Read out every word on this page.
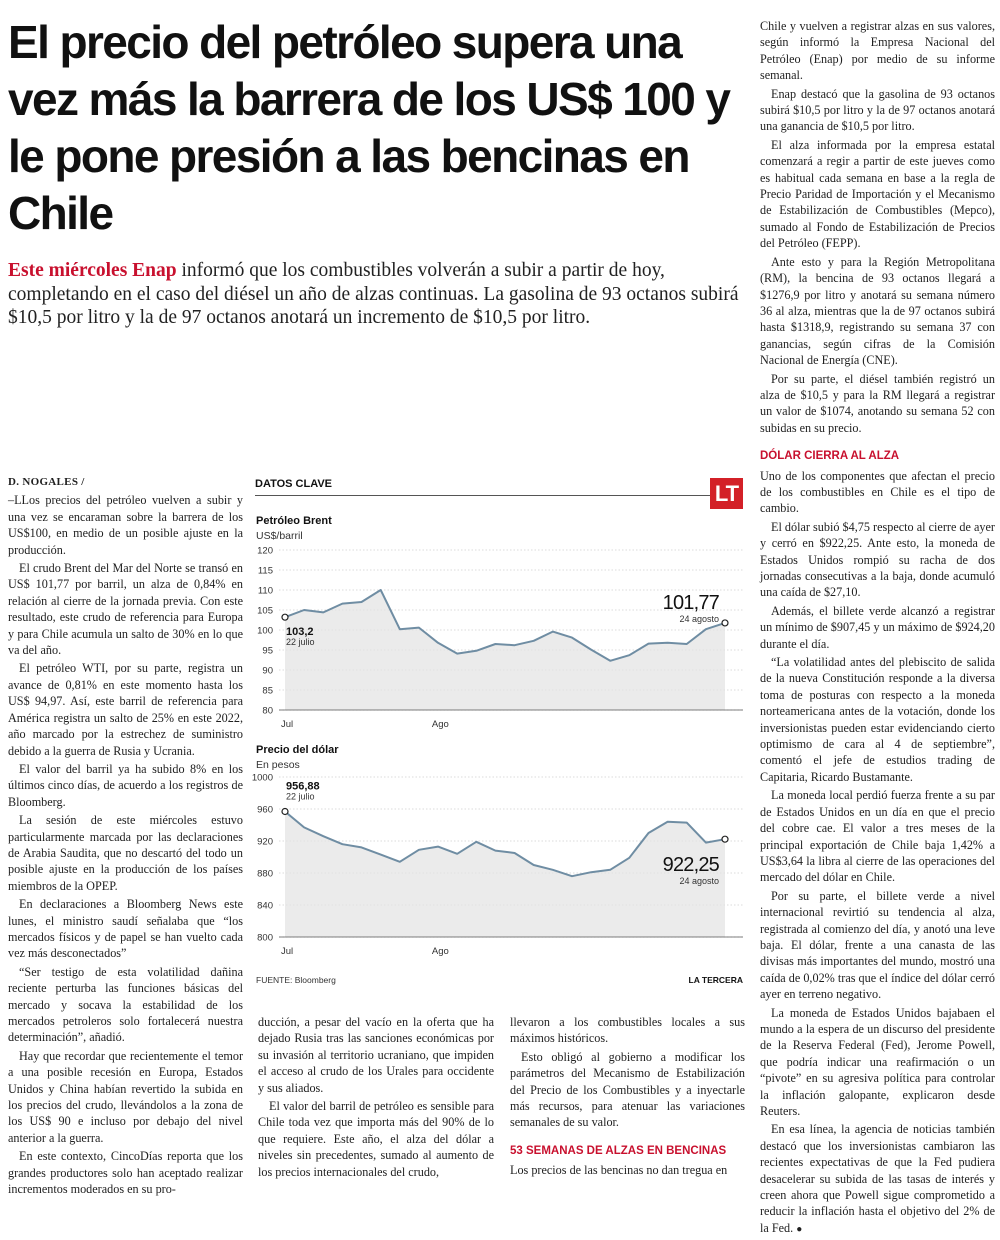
El precio del petróleo supera una vez más la barrera de los US$ 100 y le pone presión a las bencinas en Chile

Este miércoles Enap informó que los combustibles volverán a subir a partir de hoy, completando en el caso del diésel un año de alzas continuas. La gasolina de 93 octanos subirá $10,5 por litro y la de 97 octanos anotará un incremento de $10,5 por litro.

D. NOGALES /

–LLos precios del petróleo vuelven a subir y una vez se encaraman sobre la barrera de los US$100, en medio de un posible ajuste en la producción.

El crudo Brent del Mar del Norte se transó en US$ 101,77 por barril, un alza de 0,84% en relación al cierre de la jornada previa. Con este resultado, este crudo de referencia para Europa y para Chile acumula un salto de 30% en lo que va del año.

El petróleo WTI, por su parte, registra un avance de 0,81% en este momento hasta los US$ 94,97. Así, este barril de referencia para América registra un salto de 25% en este 2022, año marcado por la estrechez de suministro debido a la guerra de Rusia y Ucrania.

El valor del barril ya ha subido 8% en los últimos cinco días, de acuerdo a los registros de Bloomberg.

La sesión de este miércoles estuvo particularmente marcada por las declaraciones de Arabia Saudita, que no descartó del todo un posible ajuste en la producción de los países miembros de la OPEP.

En declaraciones a Bloomberg News este lunes, el ministro saudí señalaba que “los mercados físicos y de papel se han vuelto cada vez más desconectados”

“Ser testigo de esta volatilidad dañina reciente perturba las funciones básicas del mercado y socava la estabilidad de los mercados petroleros solo fortalecerá nuestra determinación”, añadió.

Hay que recordar que recientemente el temor a una posible recesión en Europa, Estados Unidos y China habían revertido la subida en los precios del crudo, llevándolos a la zona de los US$ 90 e incluso por debajo del nivel anterior a la guerra.

En este contexto, CincoDías reporta que los grandes productores solo han aceptado realizar incrementos moderados en su pro-

DATOS CLAVE	LT
Petróleo Brent
US$/barril
80
85
90
95
100
105
110
115
120
103,2
22 julio
101,77
24 agosto
Jul	Ago
Precio del dólar
En pesos
800
840
880
920
960
1000
956,88
22 julio
922,25
24 agosto
Jul	Ago
FUENTE: Bloomberg	LA TERCERA

ducción, a pesar del vacío en la oferta que ha dejado Rusia tras las sanciones económicas por su invasión al territorio ucraniano, que impiden el acceso al crudo de los Urales para occidente y sus aliados.

El valor del barril de petróleo es sensible para Chile toda vez que importa más del 90% de lo que requiere. Este año, el alza del dólar a niveles sin precedentes, sumado al aumento de los precios internacionales del crudo,

llevaron a los combustibles locales a sus máximos históricos.

Esto obligó al gobierno a modificar los parámetros del Mecanismo de Estabilización del Precio de los Combustibles y a inyectarle más recursos, para atenuar las variaciones semanales de su valor.

53 SEMANAS DE ALZAS EN BENCINAS

Los precios de las bencinas no dan tregua en

Chile y vuelven a registrar alzas en sus valores, según informó la Empresa Nacional del Petróleo (Enap) por medio de su informe semanal.

Enap destacó que la gasolina de 93 octanos subirá $10,5 por litro y la de 97 octanos anotará una ganancia de $10,5 por litro.

El alza informada por la empresa estatal comenzará a regir a partir de este jueves como es habitual cada semana en base a la regla de Precio Paridad de Importación y el Mecanismo de Estabilización de Combustibles (Mepco), sumado al Fondo de Estabilización de Precios del Petróleo (FEPP).

Ante esto y para la Región Metropolitana (RM), la bencina de 93 octanos llegará a $1276,9 por litro y anotará su semana número 36 al alza, mientras que la de 97 octanos subirá hasta $1318,9, registrando su semana 37 con ganancias, según cifras de la Comisión Nacional de Energía (CNE).

Por su parte, el diésel también registró un alza de $10,5 y para la RM llegará a registrar un valor de $1074, anotando su semana 52 con subidas en su precio.

DÓLAR CIERRA AL ALZA

Uno de los componentes que afectan el precio de los combustibles en Chile es el tipo de cambio.

El dólar subió $4,75 respecto al cierre de ayer y cerró en $922,25. Ante esto, la moneda de Estados Unidos rompió su racha de dos jornadas consecutivas a la baja, donde acumuló una caída de $27,10.

Además, el billete verde alcanzó a registrar un mínimo de $907,45 y un máximo de $924,20 durante el día.

“La volatilidad antes del plebiscito de salida de la nueva Constitución responde a la diversa toma de posturas con respecto a la moneda norteamericana antes de la votación, donde los inversionistas pueden estar evidenciando cierto optimismo de cara al 4 de septiembre”, comentó el jefe de estudios trading de Capitaria, Ricardo Bustamante.

La moneda local perdió fuerza frente a su par de Estados Unidos en un día en que el precio del cobre cae. El valor a tres meses de la principal exportación de Chile baja 1,42% a US$3,64 la libra al cierre de las operaciones del mercado del dólar en Chile.

Por su parte, el billete verde a nivel internacional revirtió su tendencia al alza, registrada al comienzo del día, y anotó una leve baja. El dólar, frente a una canasta de las divisas más importantes del mundo, mostró una caída de 0,02% tras que el índice del dólar cerró ayer en terreno negativo.

La moneda de Estados Unidos bajabaen el mundo a la espera de un discurso del presidente de la Reserva Federal (Fed), Jerome Powell, que podría indicar una reafirmación o un “pivote” en su agresiva política para controlar la inflación galopante, explicaron desde Reuters.

En esa línea, la agencia de noticias también destacó que los inversionistas cambiaron las recientes expectativas de que la Fed pudiera desacelerar su subida de las tasas de interés y creen ahora que Powell sigue comprometido a reducir la inflación hasta el objetivo del 2% de la Fed. ●
